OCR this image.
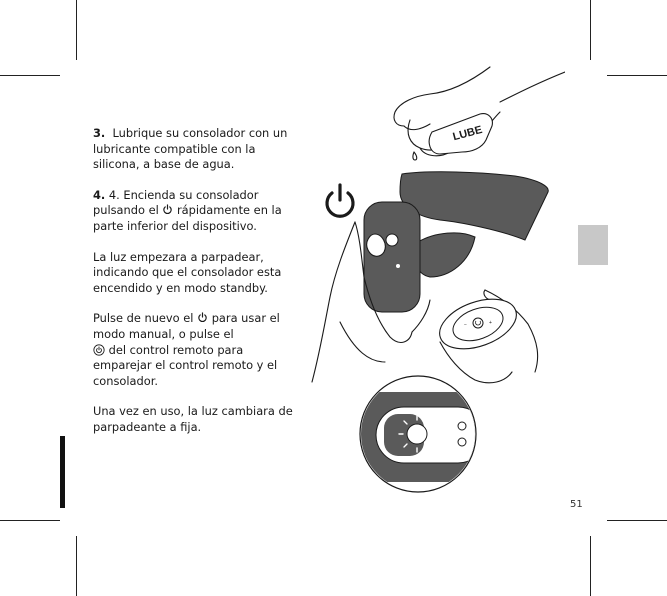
3. Lubrique su consolador con un lubricante compatible con la silicona, a base de agua.

4. 4. Encienda su consolador pulsando el rápidamente en la parte inferior del dispositivo.

La luz empezara a parpadear, indicando que el consolador esta encendido y en modo standby.

Pulse de nuevo el para usar el modo manual, o pulse el

del control remoto para emparejar el control remoto y el consolador.

Una vez en uso, la luz cambiara de parpadeante a fija.

LUBE
−	+
51
